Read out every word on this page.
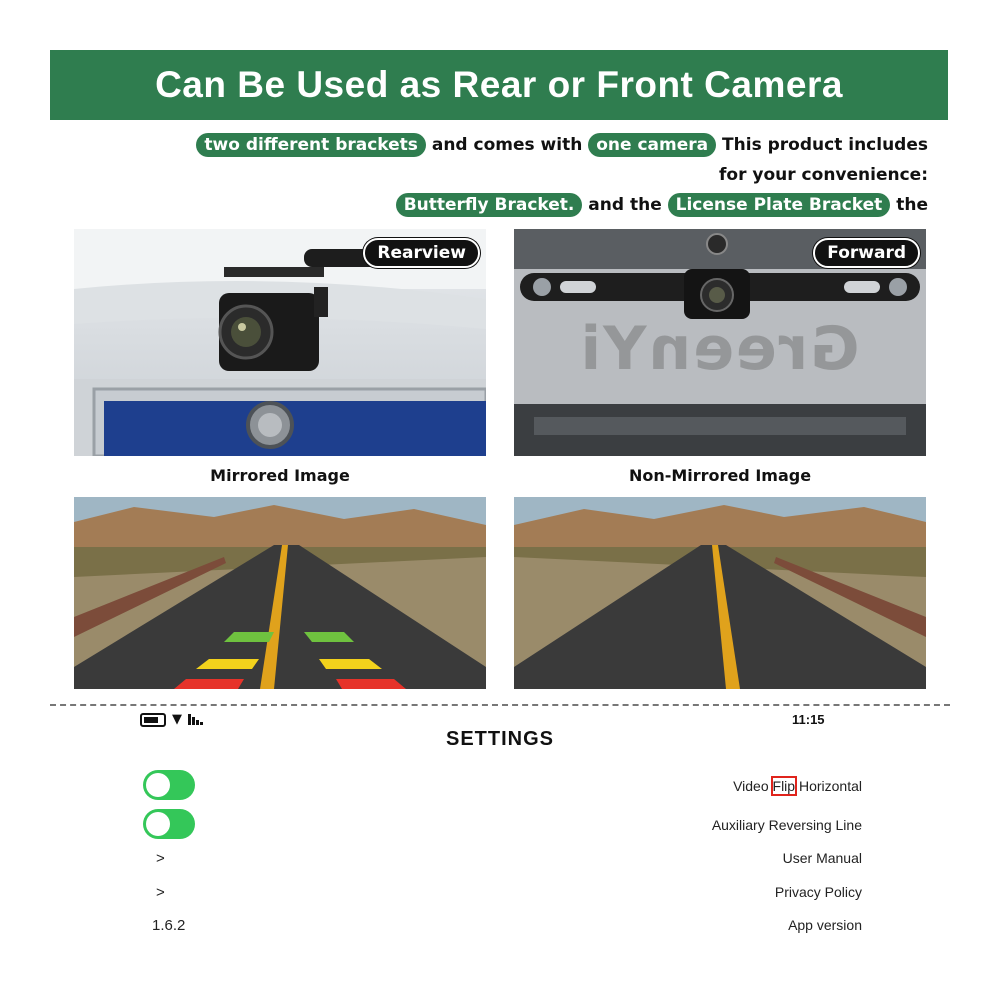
Can Be Used as Rear or Front Camera
two different brackets and comes with one camera This product includes
for your convenience:
Butterfly Bracket. and the License Plate Bracket the
Rearview
GreenYi
Forward
Mirrored Image	Non-Mirrored Image
▼	11:15
SETTINGS
Video Flip Horizontal
Auxiliary Reversing Line
User Manual
>
Privacy Policy
>
App version
1.6.2
